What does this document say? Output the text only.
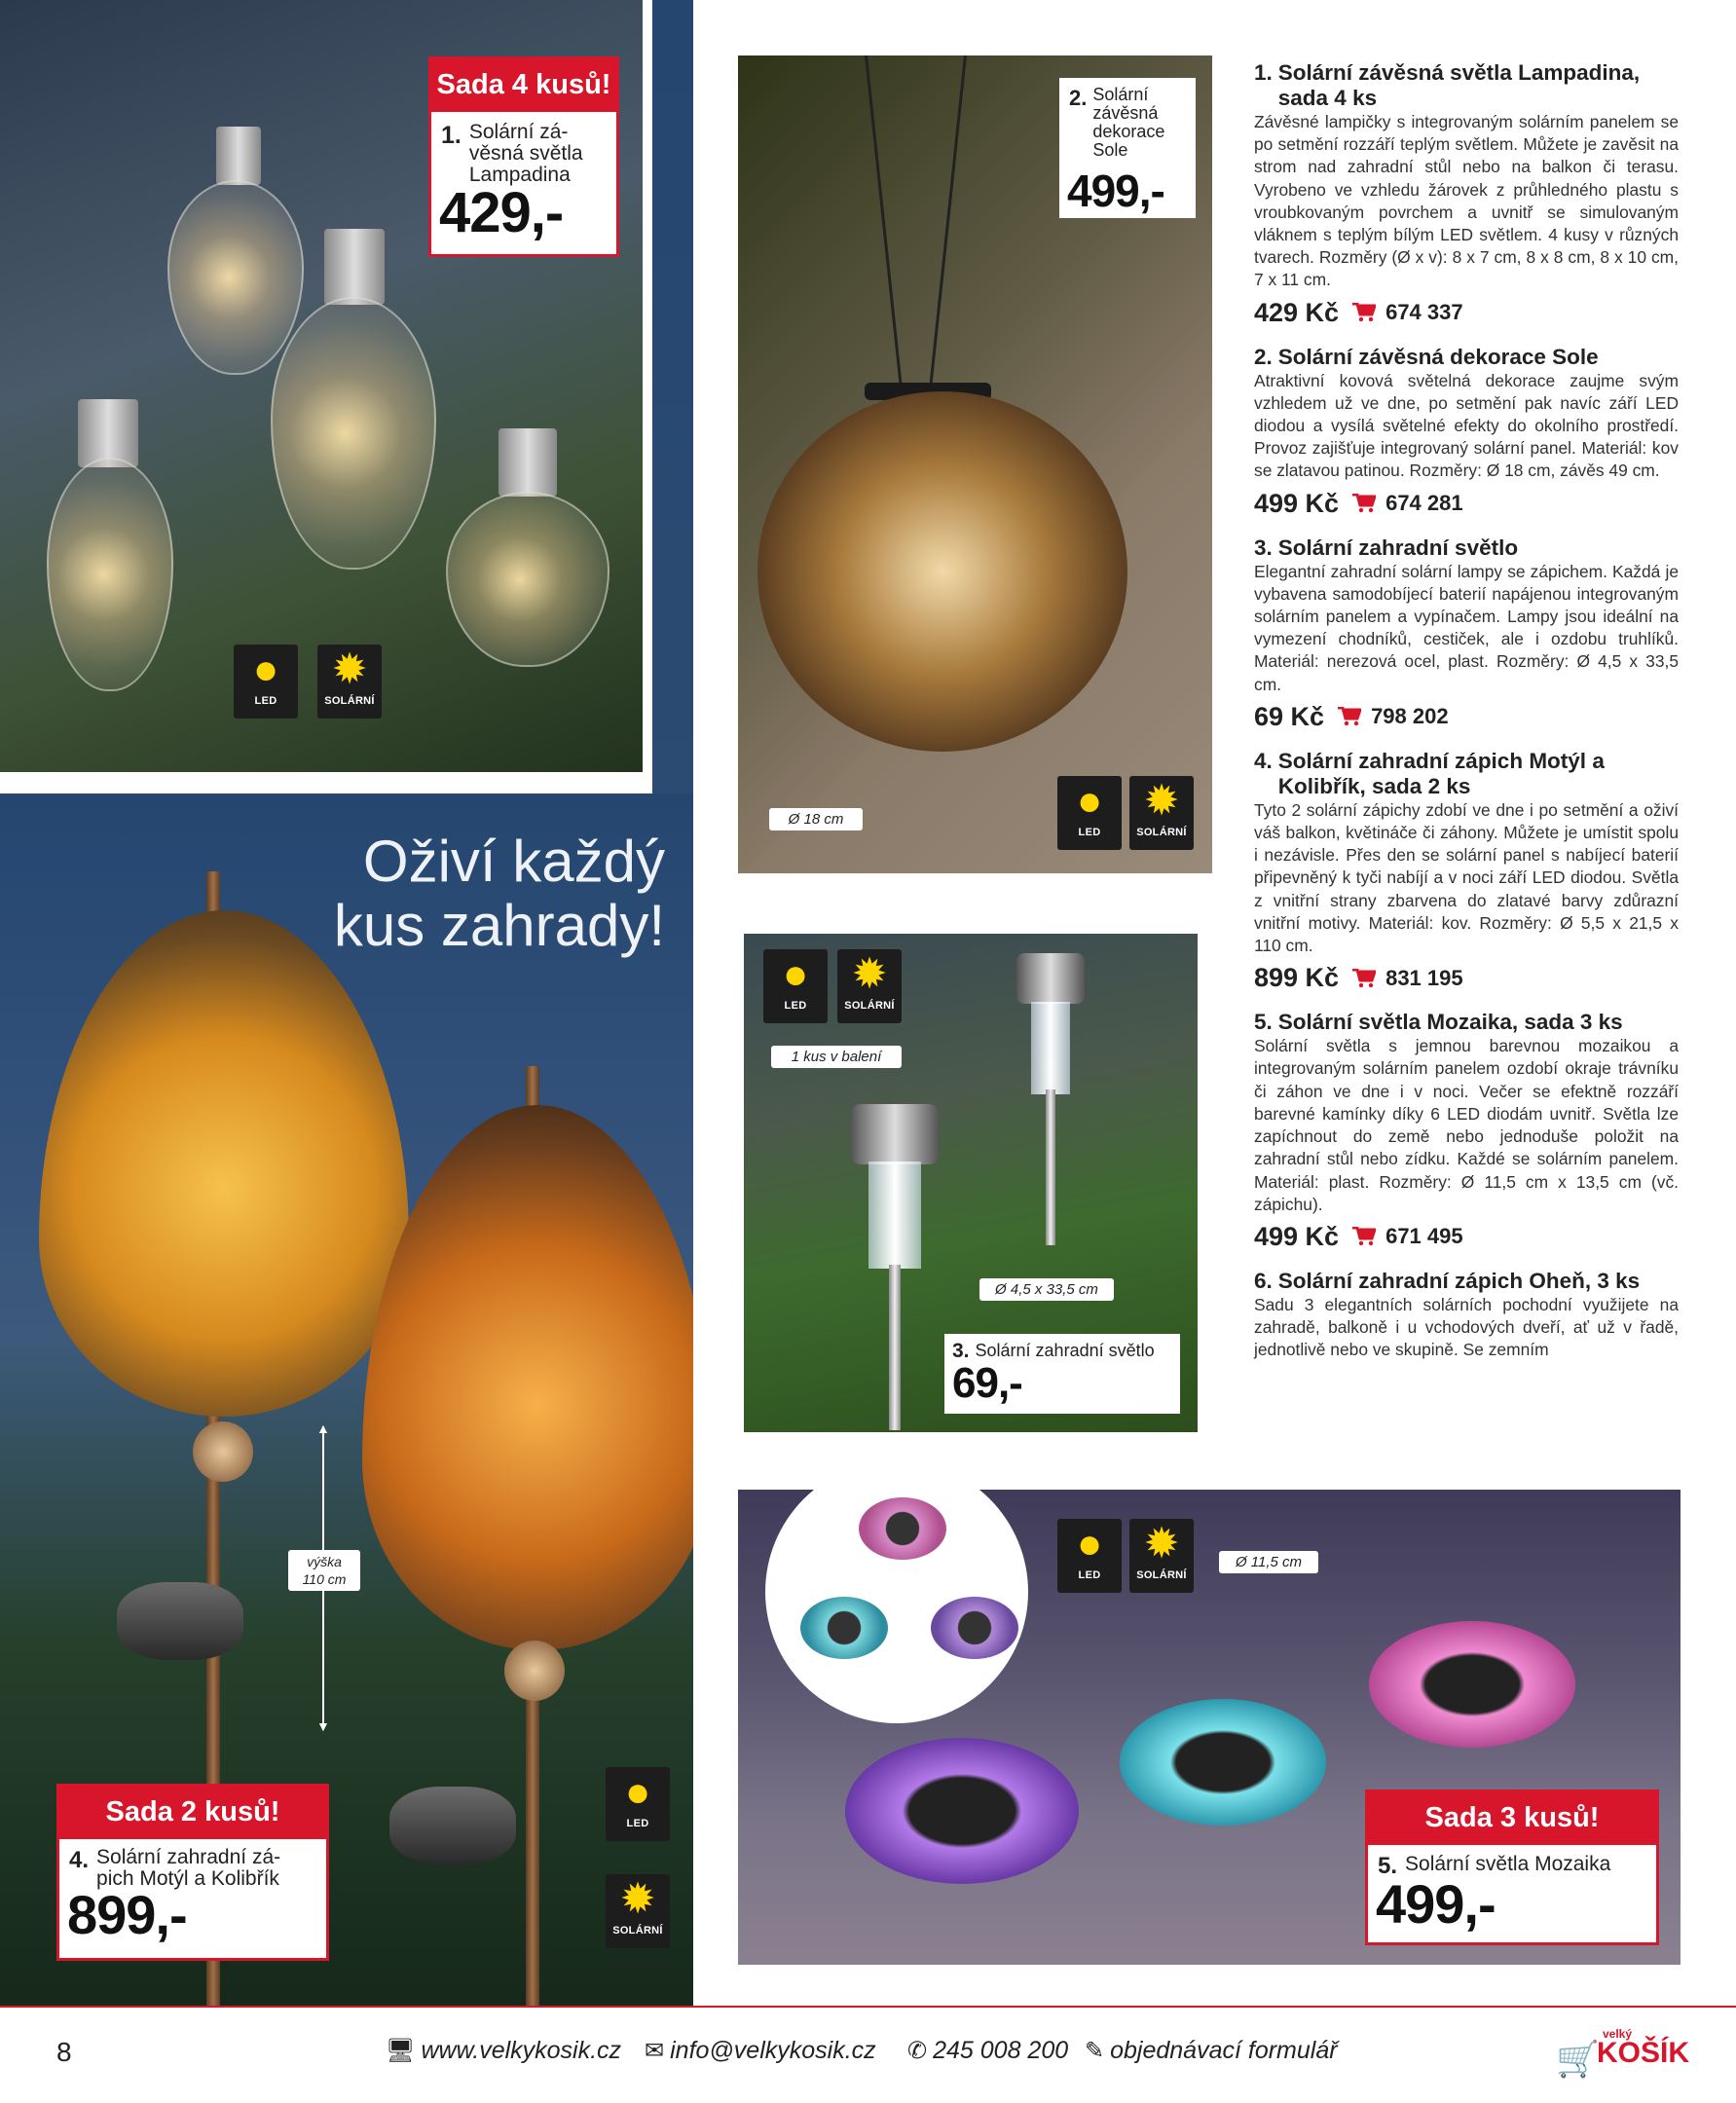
●
LED
✹
SOLÁRNÍ
Sada 4 kusů!
1. Solární zá-
věsná světla
Lampadina
429,-
▲
▼
●
LED
✹
SOLÁRNÍ
výška
110 cm
Oživí každý
kus zahrady!
Sada 2 kusů!
4. Solární zahradní zá-
pich Motýl a Kolibřík
899,-
●
LED
✹
SOLÁRNÍ
Ø 18 cm
2. Solární
závěsná
dekorace
Sole
499,-
●
LED
✹
SOLÁRNÍ
1 kus v balení
Ø 4,5 x 33,5 cm
3. Solární zahradní světlo
69,-
●
LED
✹
SOLÁRNÍ
Ø 11,5 cm
Sada 3 kusů!
5. Solární světla Mozaika
499,-
1. Solární závěsná světla Lampadina, sada 4 ks

Závěsné lampičky s integrovaným solárním panelem se po setmění rozzáří teplým světlem. Můžete je zavěsit na strom nad zahradní stůl nebo na balkon či terasu. Vyrobeno ve vzhledu žárovek z průhledného plastu s vroubkovaným povrchem a uvnitř se simulovaným vláknem s teplým bílým LED světlem. 4 kusy v různých tvarech. Rozměry (Ø x v): 8 x 7 cm, 8 x 8 cm, 8 x 10 cm, 7 x 11 cm.

429 Kč 674 337
2. Solární závěsná dekorace Sole

Atraktivní kovová světelná dekorace zaujme svým vzhledem už ve dne, po setmění pak navíc září LED diodou a vysílá světelné efekty do okolního prostředí. Provoz zajišťuje integrovaný solární panel. Materiál: kov se zlatavou patinou. Rozměry: Ø 18 cm, závěs 49 cm.

499 Kč 674 281
3. Solární zahradní světlo

Elegantní zahradní solární lampy se zápichem. Každá je vybavena samodobíjecí baterií napájenou integrovaným solárním panelem a vypínačem. Lampy jsou ideální na vymezení chodníků, cestiček, ale i ozdobu truhlíků. Materiál: nerezová ocel, plast. Rozměry: Ø 4,5 x 33,5 cm.

69 Kč 798 202
4. Solární zahradní zápich Motýl a Kolibřík, sada 2 ks

Tyto 2 solární zápichy zdobí ve dne i po setmění a oživí váš balkon, květináče či záhony. Můžete je umístit spolu i nezávisle. Přes den se solární panel s nabíjecí baterií připevněný k tyči nabíjí a v noci září LED diodou. Světla z vnitřní strany zbarvena do zlatavé barvy zdůrazní vnitřní motivy. Materiál: kov. Rozměry: Ø 5,5 x 21,5 x 110 cm.

899 Kč 831 195
5. Solární světla Mozaika, sada 3 ks

Solární světla s jemnou barevnou mozaikou a integrovaným solárním panelem ozdobí okraje trávníku či záhon ve dne i v noci. Večer se efektně rozzáří barevné kamínky díky 6 LED diodám uvnitř. Světla lze zapíchnout do země nebo jednoduše položit na zahradní stůl nebo zídku. Každé se solárním panelem. Materiál: plast. Rozměry: Ø 11,5 cm x 13,5 cm (vč. zápichu).

499 Kč 671 495
6. Solární zahradní zápich Oheň, 3 ks

Sadu 3 elegantních solárních pochodní využijete na zahradě, balkoně i u vchodových dveří, ať už v řadě, jednotlivě nebo ve skupině. Se zemním

8	🖥 www.velkykosik.cz ✉ info@velkykosik.cz ✆ 245 008 200 ✎ objednávací formulář	🛒
velký
KOŠÍK
